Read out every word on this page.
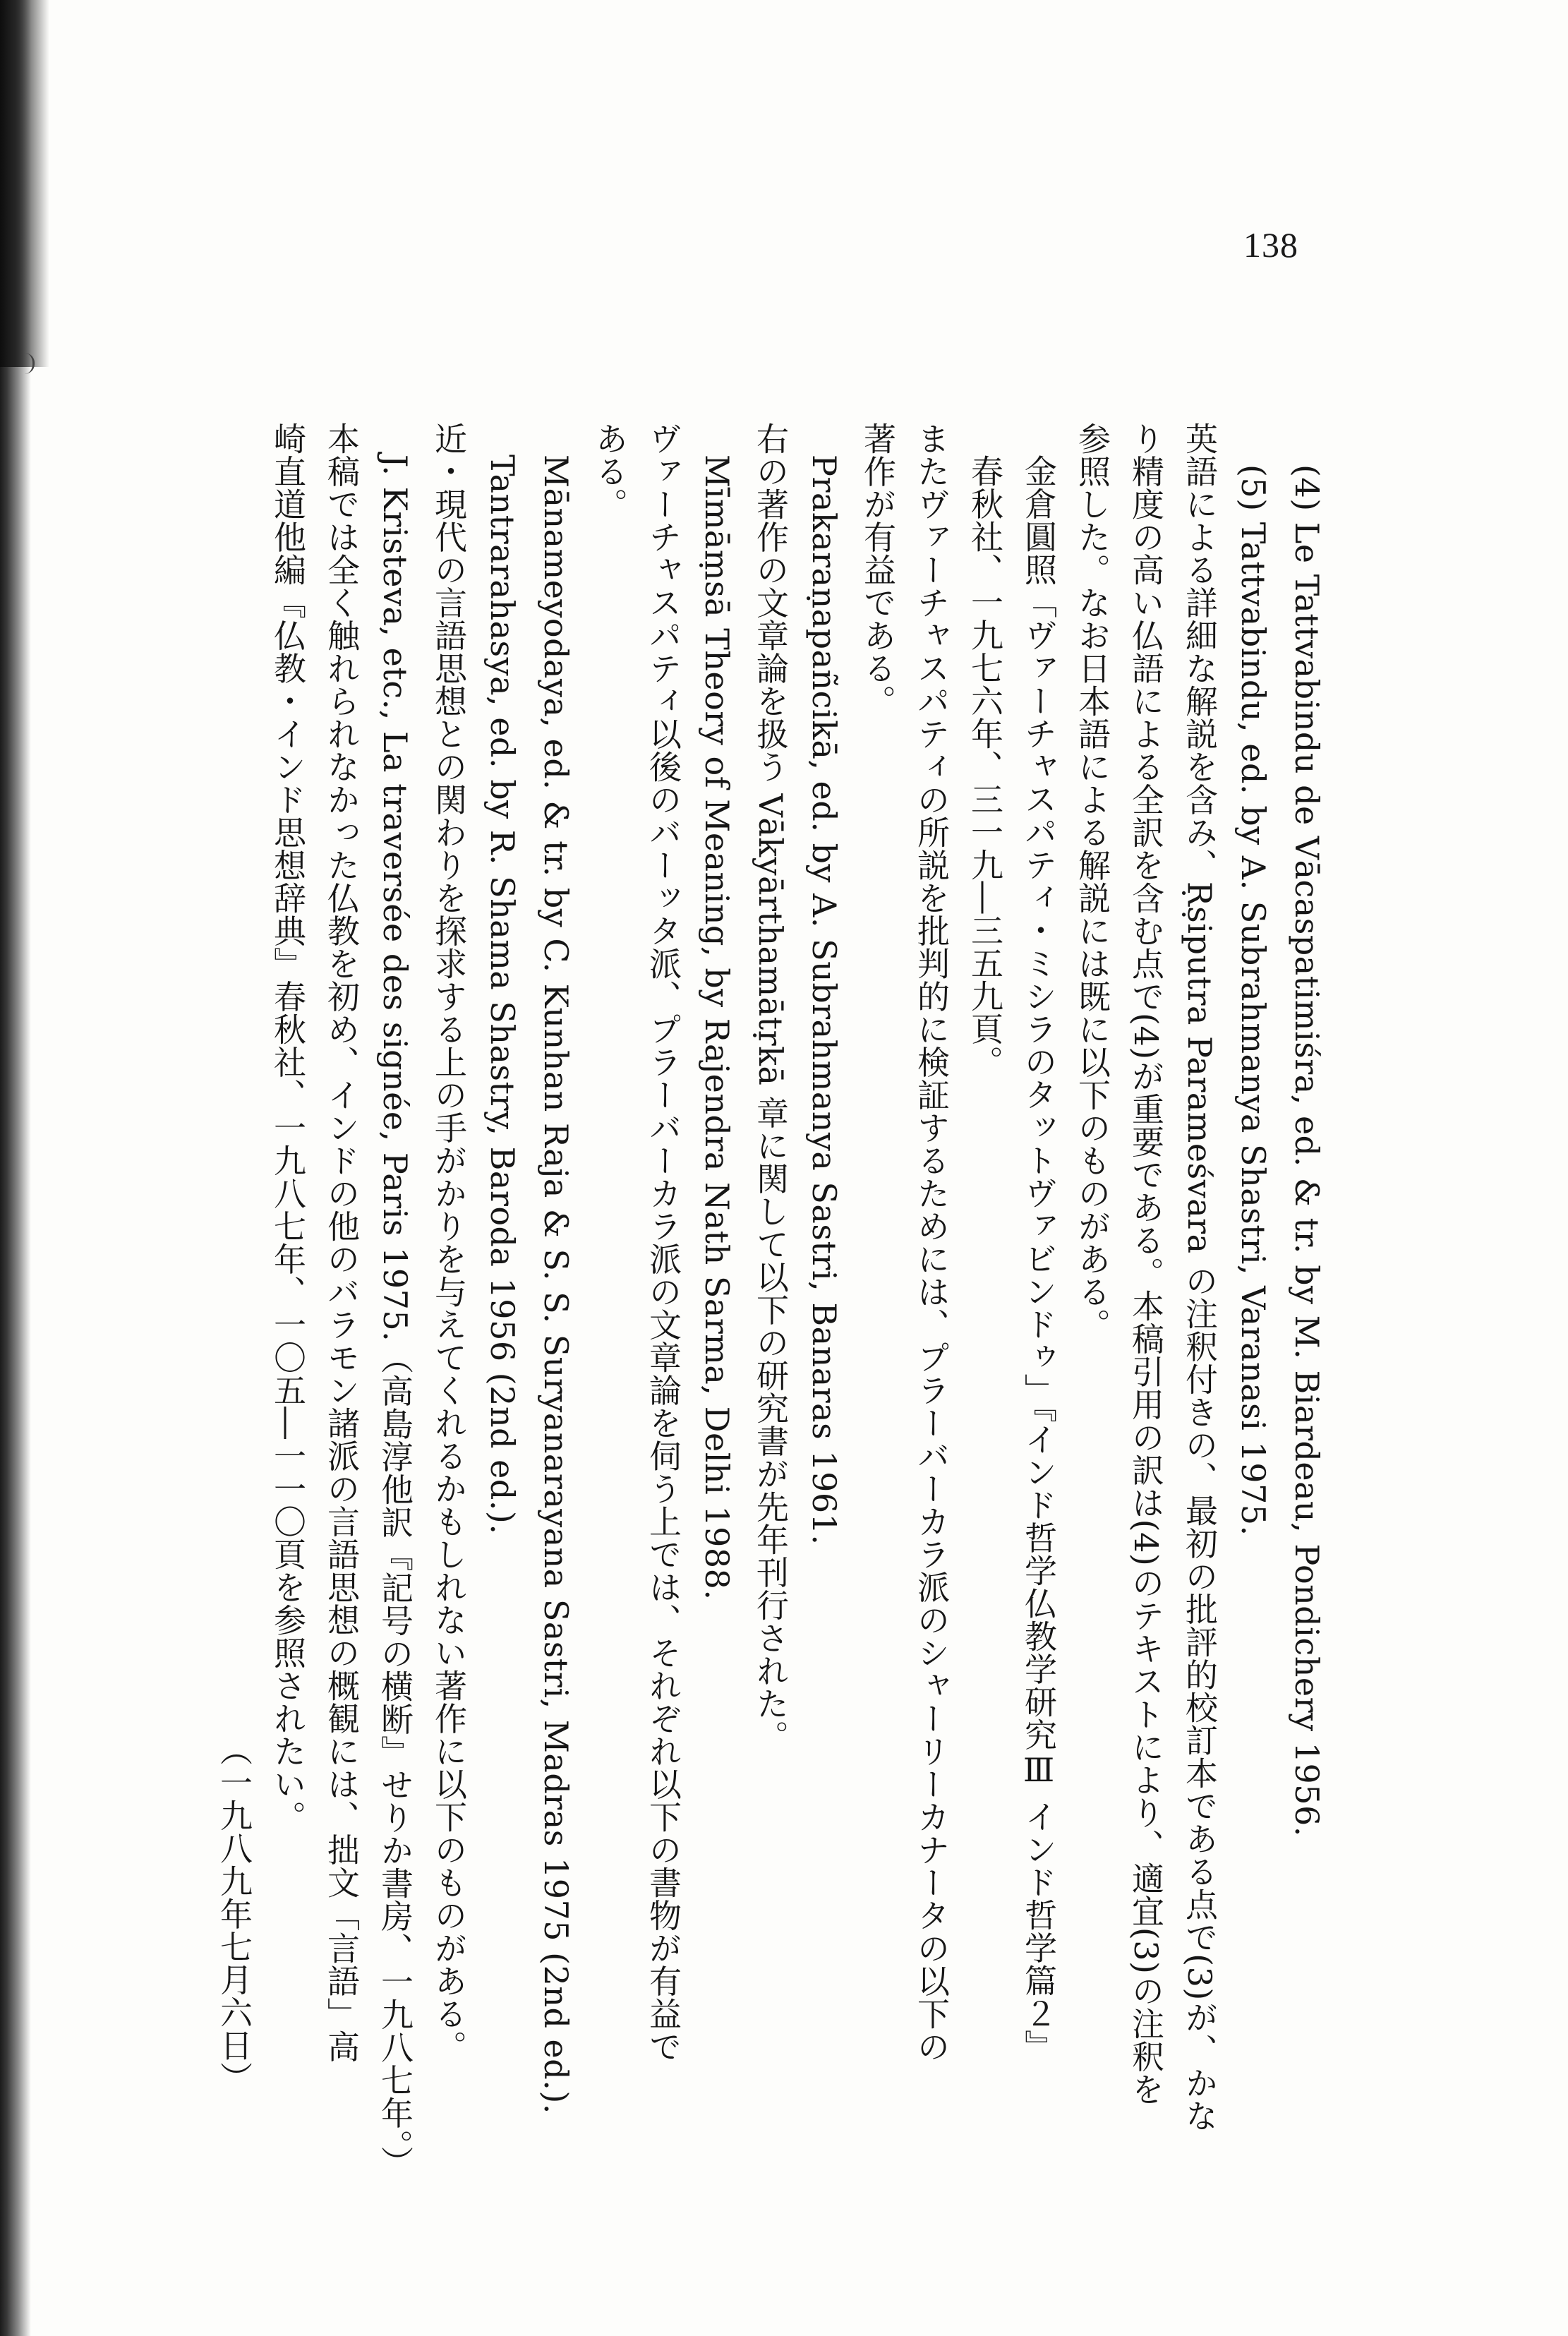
138
(4) Le Tattvabindu de Vācaspatimiśra, ed. & tr. by M. Biardeau, Pondichery 1956.
(5) Tattvabindu, ed. by A. Subrahmanya Shastri, Varanasi 1975.
英語による詳細な解説を含み、Ṛṣiputra Parameśvara の注釈付きの、最初の批評的校訂本である点で(3)が、かな
り精度の高い仏語による全訳を含む点で(4)が重要である。本稿引用の訳は(4)のテキストにより、適宜(3)の注釈を
参照した。なお日本語による解説には既に以下のものがある。
金倉圓照「ヴァーチャスパティ・ミシラのタットヴァビンドゥ」『インド哲学仏教学研究Ⅲ インド哲学篇２』
春秋社、一九七六年、三一九―三五九頁。
またヴァーチャスパティの所説を批判的に検証するためには、プラーバーカラ派のシャーリーカナータの以下の
著作が有益である。
Prakaraṇapañcikā, ed. by A. Subrahmanya Sastri, Banaras 1961.
右の著作の文章論を扱う Vākyārthamātṛkā 章に関して以下の研究書が先年刊行された。
Mīmāṃsā Theory of Meaning, by Rajendra Nath Sarma, Delhi 1988.
ヴァーチャスパティ以後のバーッタ派、プラーバーカラ派の文章論を伺う上では、それぞれ以下の書物が有益で
ある。
Mānameyodaya, ed. & tr. by C. Kunhan Raja & S. S. Suryanarayana Sastri, Madras 1975 (2nd ed.).
Tantrarahasya, ed. by R. Shama Shastry, Baroda 1956 (2nd ed.).
近・現代の言語思想との関わりを探求する上の手がかりを与えてくれるかもしれない著作に以下のものがある。
J. Kristeva, etc., La traversée des signée, Paris 1975.（高島淳他訳『記号の横断』せりか書房、一九八七年。）
本稿では全く触れられなかった仏教を初め、インドの他のバラモン諸派の言語思想の概観には、拙文「言語」高
崎直道他編『仏教・インド思想辞典』春秋社、一九八七年、一〇五―一一〇頁を参照されたい。
（一九八九年七月六日）
